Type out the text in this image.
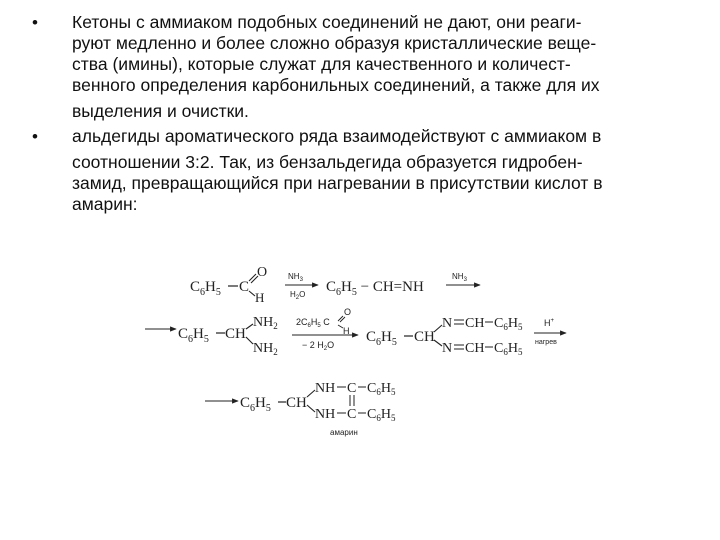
• Кетоны с аммиаком подобных соединений не дают, они реаги-
руют медленно и более сложно образуя кристаллические веще-
ства (имины), которые служат для качественного и количест-
венного определения карбонильных соединений, а также для их
выделения и очистки.
• альдегиды ароматического ряда взаимодействуют с аммиаком в
соотношении 3:2. Так, из бензальдегида образуется гидробен-
замид, превращающийся при нагревании в присутствии кислот в
амарин:
$C_6H_5$ C
O
H
$NH_3$
$H_2O$ $C_6H_5 - CH=NH$
$NH_3$
$C_6H_5$ CH
$NH_2$
$NH_2$
$2C_6H_5$ C
O
H
− 2 $H_2O$ $C_6H_5$ CH
N
N
CH
CH
$C_6H_5$
$C_6H_5$
H+
нагрев
$C_6H_5$ CH
NH
NH
C
C
$C_6H_5$
$C_6H_5$
амарин
